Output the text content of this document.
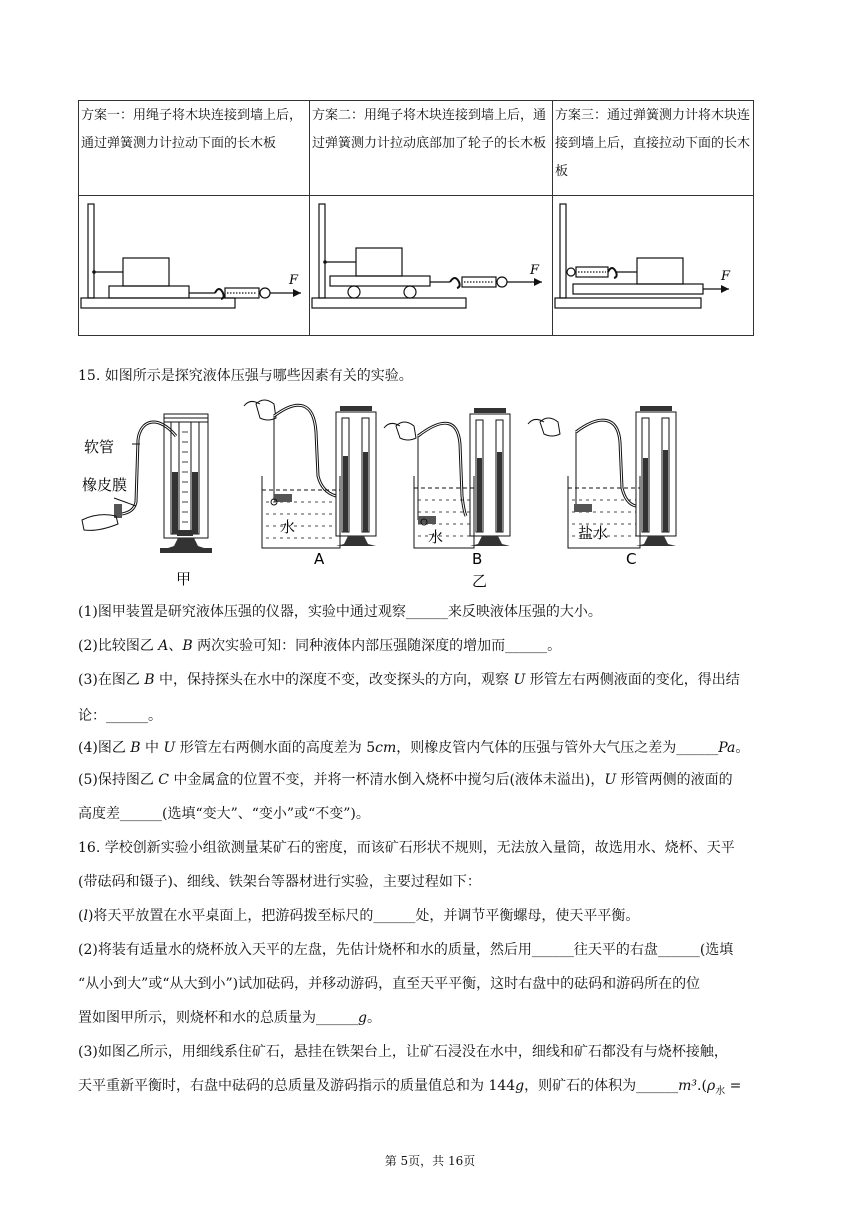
方案一：用绳子将木块连接到墙上后，通过弹簧测力计拉动下面的长木板	方案二：用绳子将木块连接到墙上后，通过弹簧测力计拉动底部加了轮子的长木板	方案三：通过弹簧测力计将木块连接到墙上后，直接拉动下面的长木板

F	F	F
15. 如图所示是探究液体压强与哪些因素有关的实验。
软管
橡皮膜
甲
水
A
水
B
乙
盐水
C
(1)图甲装置是研究液体压强的仪器，实验中通过观察______来反映液体压强的大小。
(2)比较图乙 A、B 两次实验可知：同种液体内部压强随深度的增加而______。
(3)在图乙 B 中，保持探头在水中的深度不变，改变探头的方向，观察 U 形管左右两侧液面的变化，得出结
论：______。
(4)图乙 B 中 U 形管左右两侧水面的高度差为 5cm，则橡皮管内气体的压强与管外大气压之差为______Pa。
(5)保持图乙 C 中金属盒的位置不变，并将一杯清水倒入烧杯中搅匀后(液体未溢出)，U 形管两侧的液面的
高度差______(选填“变大”、“变小”或“不变”)。
16. 学校创新实验小组欲测量某矿石的密度，而该矿石形状不规则，无法放入量筒，故选用水、烧杯、天平
(带砝码和镊子)、细线、铁架台等器材进行实验，主要过程如下：
(l)将天平放置在水平桌面上，把游码拨至标尺的______处，并调节平衡螺母，使天平平衡。
(2)将装有适量水的烧杯放入天平的左盘，先估计烧杯和水的质量，然后用______往天平的右盘______(选填
“从小到大”或“从大到小”)试加砝码，并移动游码，直至天平平衡，这时右盘中的砝码和游码所在的位
置如图甲所示，则烧杯和水的总质量为______g。
(3)如图乙所示，用细线系住矿石，悬挂在铁架台上，让矿石浸没在水中，细线和矿石都没有与烧杯接触，
天平重新平衡时，右盘中砝码的总质量及游码指示的质量值总和为 144g，则矿石的体积为$\_\_\_\_\_\_m^3.(\rho_水$ =
第 5页，共 16页
